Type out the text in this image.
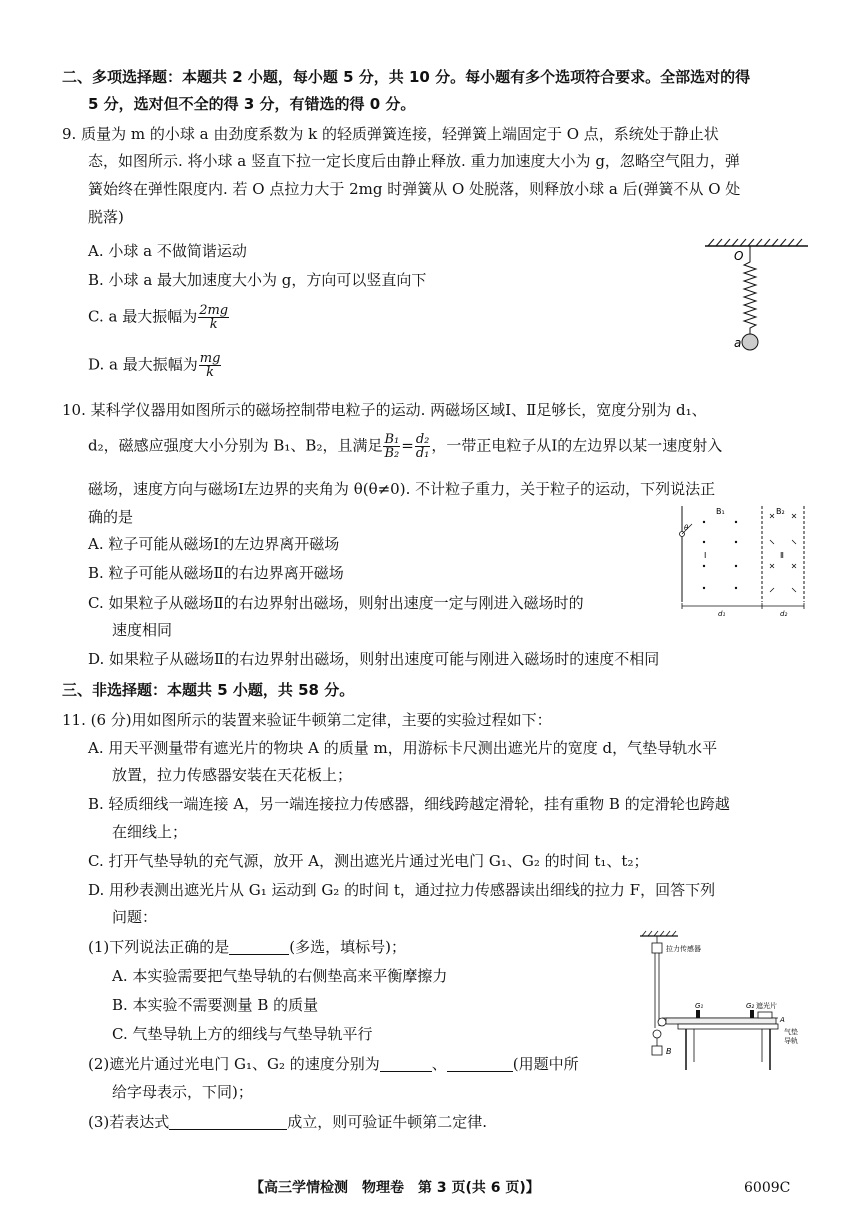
二、多项选择题：本题共 2 小题，每小题 5 分，共 10 分。每小题有多个选项符合要求。全部选对的得
5 分，选对但不全的得 3 分，有错选的得 0 分。
9. 质量为 m 的小球 a 由劲度系数为 k 的轻质弹簧连接，轻弹簧上端固定于 O 点，系统处于静止状
态，如图所示. 将小球 a 竖直下拉一定长度后由静止释放. 重力加速度大小为 g，忽略空气阻力，弹
簧始终在弹性限度内. 若 O 点拉力大于 2mg 时弹簧从 O 处脱落，则释放小球 a 后(弹簧不从 O 处
脱落)
A. 小球 a 不做简谐运动
B. 小球 a 最大加速度大小为 g，方向可以竖直向下
C. a 最大振幅为 $\frac{2mg}{k}$
D. a 最大振幅为 $\frac{mg}{k}$
O
a
10. 某科学仪器用如图所示的磁场控制带电粒子的运动. 两磁场区域Ⅰ、Ⅱ足够长，宽度分别为 d₁、
d₂，磁感应强度大小分别为 B₁、B₂，且满足 $\frac{\text{B₁}}{\text{B₂}} = \frac{\text{d₂}}{\text{d₁}}$ ，一带正电粒子从Ⅰ的左边界以某一速度射入
磁场，速度方向与磁场Ⅰ左边界的夹角为 θ(θ≠0). 不计粒子重力，关于粒子的运动，下列说法正
确的是
A. 粒子可能从磁场Ⅰ的左边界离开磁场
B. 粒子可能从磁场Ⅱ的右边界离开磁场
C. 如果粒子从磁场Ⅱ的右边界射出磁场，则射出速度一定与刚进入磁场时的
速度相同
D. 如果粒子从磁场Ⅱ的右边界射出磁场，则射出速度可能与刚进入磁场时的速度不相同
B₁	B₂
Ⅰ	Ⅱ
θ
d₁	d₂
三、非选择题：本题共 5 小题，共 58 分。
11. (6 分)用如图所示的装置来验证牛顿第二定律，主要的实验过程如下：
A. 用天平测量带有遮光片的物块 A 的质量 m，用游标卡尺测出遮光片的宽度 d，气垫导轨水平
放置，拉力传感器安装在天花板上；
B. 轻质细线一端连接 A，另一端连接拉力传感器，细线跨越定滑轮，挂有重物 B 的定滑轮也跨越
在细线上；
C. 打开气垫导轨的充气源，放开 A，测出遮光片通过光电门 G₁、G₂ 的时间 t₁、t₂；
D. 用秒表测出遮光片从 G₁ 运动到 G₂ 的时间 t，通过拉力传感器读出细线的拉力 F，回答下列
问题：
(1)下列说法正确的是	(多选，填标号)；
A. 本实验需要把气垫导轨的右侧垫高来平衡摩擦力
B. 本实验不需要测量 B 的质量
C. 气垫导轨上方的细线与气垫导轨平行
(2)遮光片通过光电门 G₁、G₂ 的速度分别为	、	(用题中所
给字母表示，下同)；
(3)若表达式	成立，则可验证牛顿第二定律.
拉力传感器
B
G₁	G₂ 遮光片
A
气垫
导轨
【高三学情检测　物理卷　第 3 页(共 6 页)】	6009C
